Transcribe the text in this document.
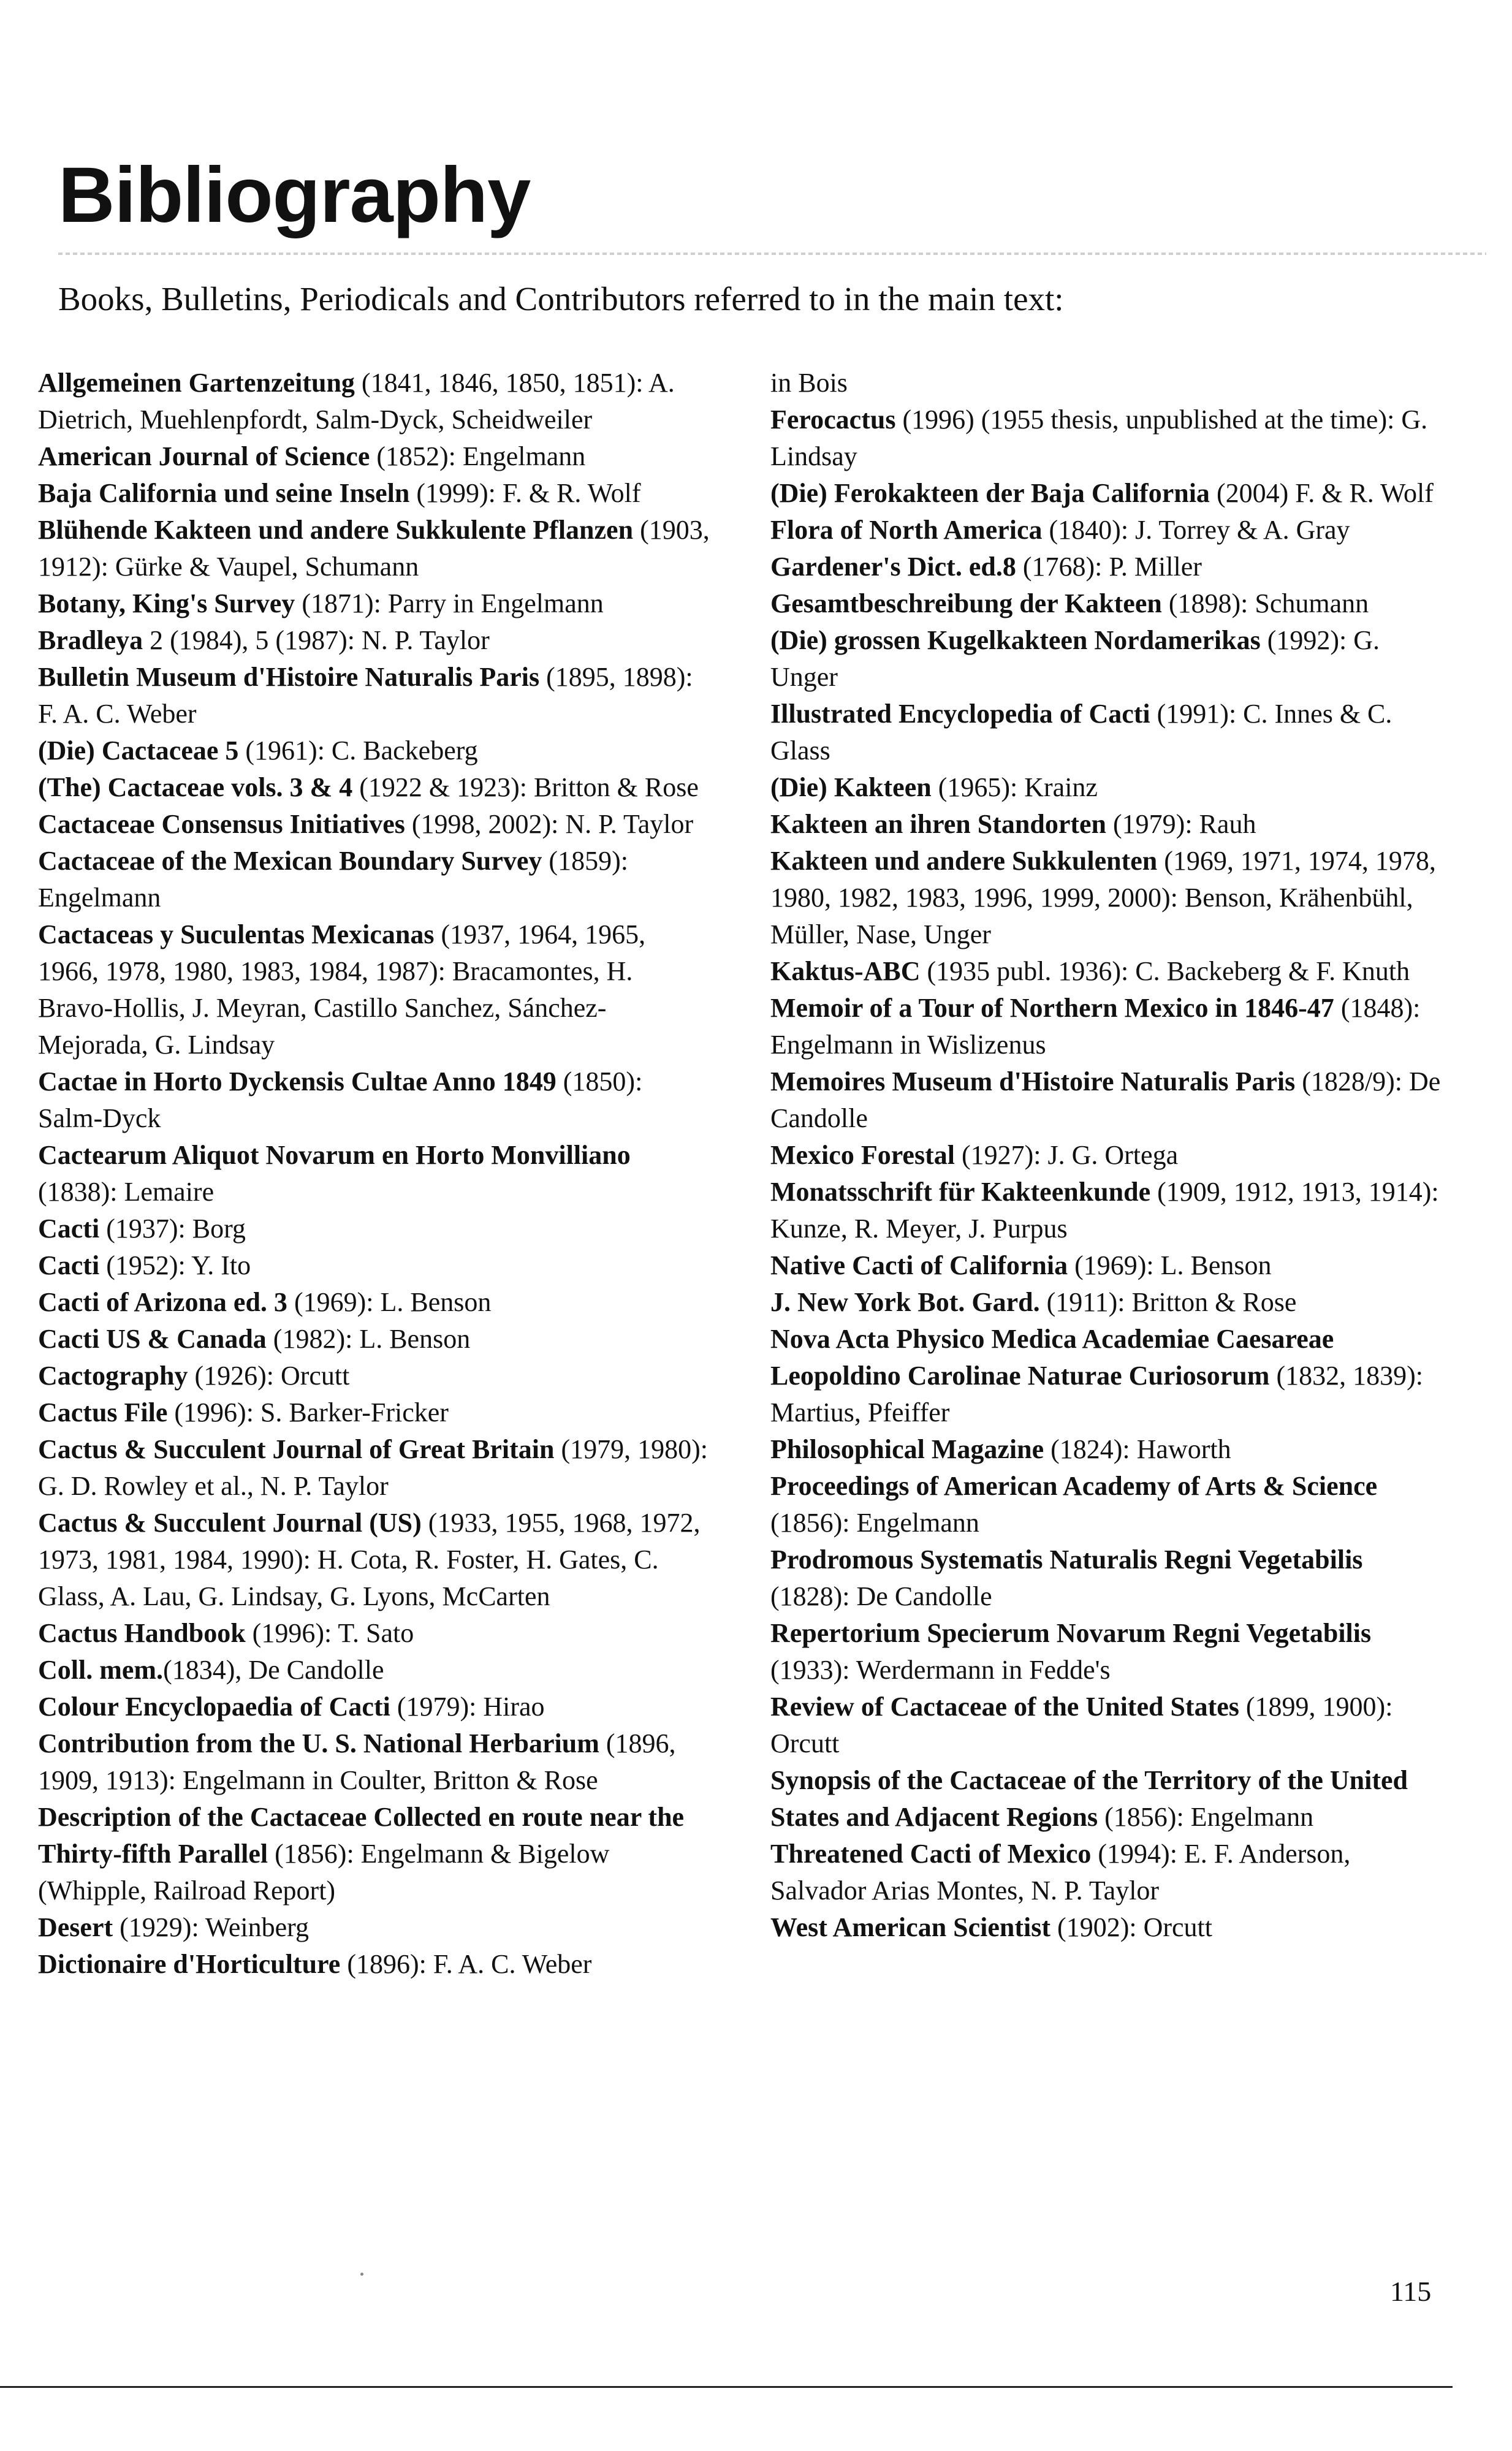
Bibliography
Books, Bulletins, Periodicals and Contributors referred to in the main text:

Allgemeinen Gartenzeitung (1841, 1846, 1850, 1851): A. Dietrich, Muehlenpfordt, Salm-Dyck, Scheidweiler

American Journal of Science (1852): Engelmann

Baja California und seine Inseln (1999): F. & R. Wolf

Blühende Kakteen und andere Sukkulente Pflanzen (1903, 1912): Gürke & Vaupel, Schumann

Botany, King's Survey (1871): Parry in Engelmann

Bradleya 2 (1984), 5 (1987): N. P. Taylor

Bulletin Museum d'Histoire Naturalis Paris (1895, 1898): F. A. C. Weber

(Die) Cactaceae 5 (1961): C. Backeberg

(The) Cactaceae vols. 3 & 4 (1922 & 1923): Britton & Rose

Cactaceae Consensus Initiatives (1998, 2002): N. P. Taylor

Cactaceae of the Mexican Boundary Survey (1859): Engelmann

Cactaceas y Suculentas Mexicanas (1937, 1964, 1965, 1966, 1978, 1980, 1983, 1984, 1987): Bracamontes, H. Bravo-Hollis, J. Meyran, Castillo Sanchez, Sánchez-Mejorada, G. Lindsay

Cactae in Horto Dyckensis Cultae Anno 1849 (1850): Salm-Dyck

Cactearum Aliquot Novarum en Horto Monvilliano (1838): Lemaire

Cacti (1937): Borg

Cacti (1952): Y. Ito

Cacti of Arizona ed. 3 (1969): L. Benson

Cacti US & Canada (1982): L. Benson

Cactography (1926): Orcutt

Cactus File (1996): S. Barker-Fricker

Cactus & Succulent Journal of Great Britain (1979, 1980): G. D. Rowley et al., N. P. Taylor

Cactus & Succulent Journal (US) (1933, 1955, 1968, 1972, 1973, 1981, 1984, 1990): H. Cota, R. Foster, H. Gates, C. Glass, A. Lau, G. Lindsay, G. Lyons, McCarten

Cactus Handbook (1996): T. Sato

Coll. mem.(1834), De Candolle

Colour Encyclopaedia of Cacti (1979): Hirao

Contribution from the U. S. National Herbarium (1896, 1909, 1913): Engelmann in Coulter, Britton & Rose

Description of the Cactaceae Collected en route near the Thirty-fifth Parallel (1856): Engelmann & Bigelow (Whipple, Railroad Report)

Desert (1929): Weinberg

Dictionaire d'Horticulture (1896): F. A. C. Weber

in Bois

Ferocactus (1996) (1955 thesis, unpublished at the time): G. Lindsay

(Die) Ferokakteen der Baja California (2004) F. & R. Wolf

Flora of North America (1840): J. Torrey & A. Gray

Gardener's Dict. ed.8 (1768): P. Miller

Gesamtbeschreibung der Kakteen (1898): Schumann

(Die) grossen Kugelkakteen Nordamerikas (1992): G. Unger

Illustrated Encyclopedia of Cacti (1991): C. Innes & C. Glass

(Die) Kakteen (1965): Krainz

Kakteen an ihren Standorten (1979): Rauh

Kakteen und andere Sukkulenten (1969, 1971, 1974, 1978, 1980, 1982, 1983, 1996, 1999, 2000): Benson, Krähenbühl, Müller, Nase, Unger

Kaktus-ABC (1935 publ. 1936): C. Backeberg & F. Knuth

Memoir of a Tour of Northern Mexico in 1846-47 (1848): Engelmann in Wislizenus

Memoires Museum d'Histoire Naturalis Paris (1828/9): De Candolle

Mexico Forestal (1927): J. G. Ortega

Monatsschrift für Kakteenkunde (1909, 1912, 1913, 1914): Kunze, R. Meyer, J. Purpus

Native Cacti of California (1969): L. Benson

J. New York Bot. Gard. (1911): Britton & Rose

Nova Acta Physico Medica Academiae Caesareae Leopoldino Carolinae Naturae Curiosorum (1832, 1839): Martius, Pfeiffer

Philosophical Magazine (1824): Haworth

Proceedings of American Academy of Arts & Science (1856): Engelmann

Prodromous Systematis Naturalis Regni Vegetabilis (1828): De Candolle

Repertorium Specierum Novarum Regni Vegetabilis (1933): Werdermann in Fedde's

Review of Cactaceae of the United States (1899, 1900): Orcutt

Synopsis of the Cactaceae of the Territory of the United States and Adjacent Regions (1856): Engelmann

Threatened Cacti of Mexico (1994): E. F. Anderson, Salvador Arias Montes, N. P. Taylor

West American Scientist (1902): Orcutt

115
